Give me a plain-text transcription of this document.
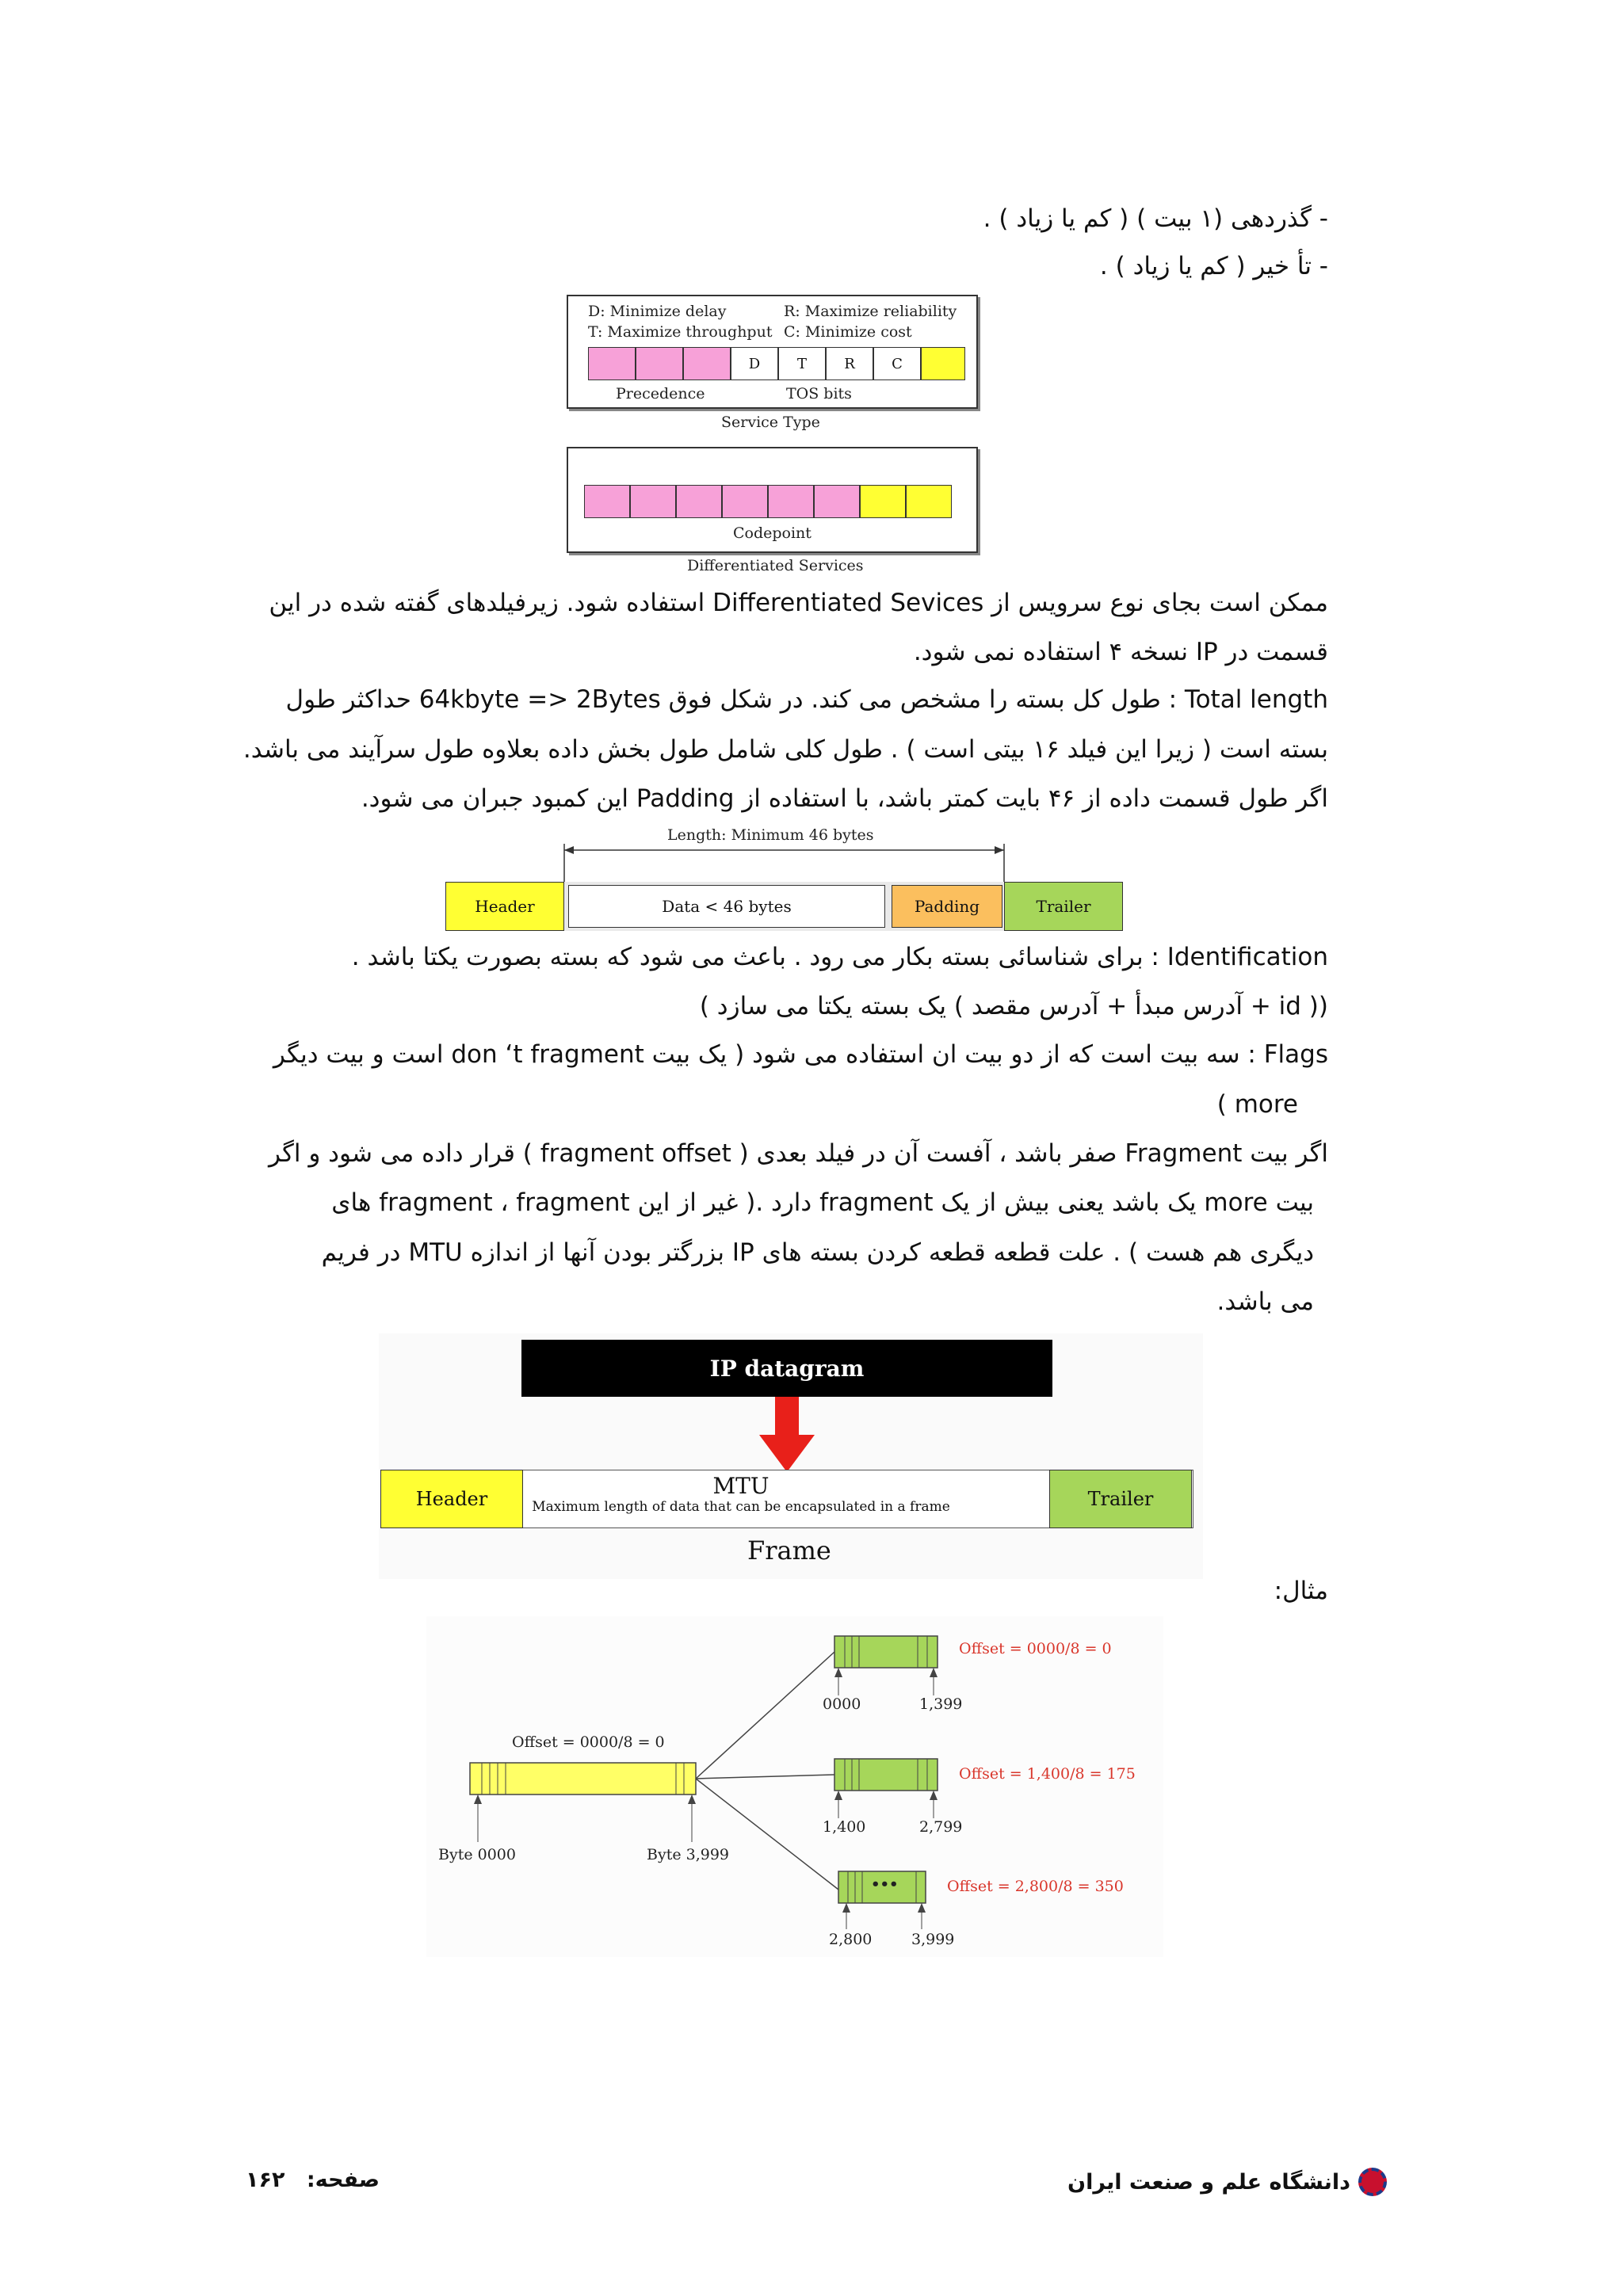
- گذردهی (۱ بیت ) ( کم یا زیاد ) .
- تأ خیر ( کم یا زیاد ) .
D: Minimize delay
T: Maximize throughput
R: Maximize reliability
C: Minimize cost
D	T	R	C
Precedence	TOS bits
Service Type
Codepoint
Differentiated Services
ممکن است بجای نوع سرویس از Differentiated Sevices استفاده شود. زیرفیلدهای گفته شده در این
قسمت در IP نسخه ۴ استفاده نمی شود.
Total length : طول کل بسته را مشخص می کند. در شکل فوق 64kbyte => 2Bytes حداکثر طول
بسته است ( زیرا این فیلد ۱۶ بیتی است ) . طول کلی شامل طول بخش داده بعلاوه طول سرآیند می باشد.
اگر طول قسمت داده از ۴۶ بایت کمتر باشد، با استفاده از Padding این کمبود جبران می شود.
Length: Minimum 46 bytes
Header	Data < 46 bytes	Padding	Trailer
Identification : برای شناسائی بسته بکار می رود . باعث می شود که بسته بصورت یکتا باشد .
(( id + آدرس مبدأ + آدرس مقصد ) یک بسته یکتا می سازد )
Flags : سه بیت است که از دو بیت ان استفاده می شود ( یک بیت don ‘t fragment است و بیت دیگر
more )
اگر بیت Fragment صفر باشد ، آفست آن در فیلد بعدی ( fragment offset ) قرار داده می شود و اگر
بیت more یک باشد یعنی بیش از یک fragment دارد .( غیر از این fragment ، fragment های
دیگری هم هست ) . علت قطعه قطعه کردن بسته های IP بزرگتر بودن آنها از اندازه MTU در فریم
می باشد.
IP datagram
Header	MTU
Maximum length of data that can be encapsulated in a frame	Trailer
Frame
مثال:
Offset = 0000/8 = 0
Byte 0000	Byte 3,999
Offset = 0000/8 = 0
0000	1,399
Offset = 1,400/8 = 175
1,400	2,799
•••	Offset = 2,800/8 = 350
2,800	3,999
دانشگاه علم و صنعت ایران
صفحه: ۱۶۲
